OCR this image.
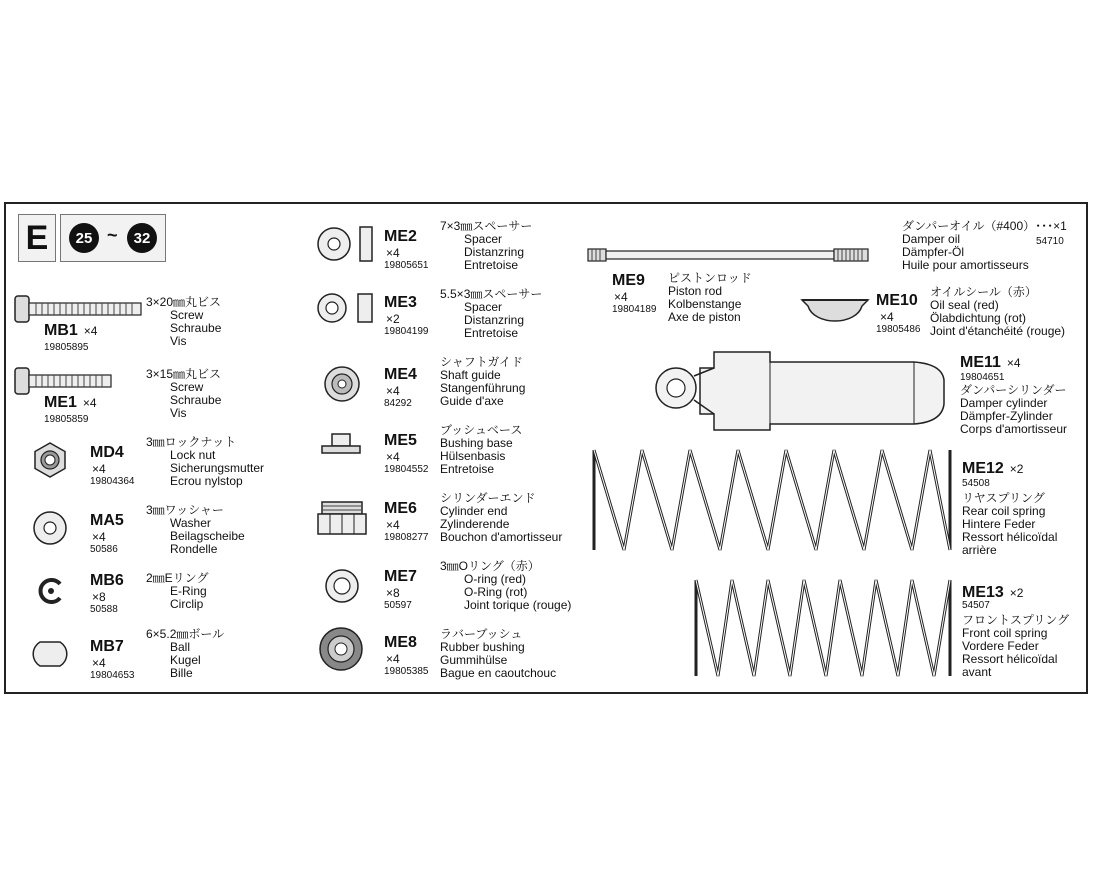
E	25 ~	32
MB1 ×4
19805895
3×20㎜丸ビス
Screw
Schraube
Vis
ME1 ×4
19805859
3×15㎜丸ビス
Screw
Schraube
Vis
MD4
×4
19804364
3㎜ロックナット
Lock nut
Sicherungsmutter
Ecrou nylstop
MA5
×4
50586
3㎜ワッシャー
Washer
Beilagscheibe
Rondelle
MB6
×8
50588
2㎜Eリング
E-Ring
Circlip
MB7
×4
19804653
6×5.2㎜ボール
Ball
Kugel
Bille
ME2
×4
19805651
7×3㎜スペーサー
Spacer
Distanzring
Entretoise
ME3
×2
19804199
5.5×3㎜スペーサー
Spacer
Distanzring
Entretoise
ME4
×4
84292
シャフトガイド
Shaft guide
Stangenführung
Guide d'axe
ME5
×4
19804552
ブッシュベース
Bushing base
Hülsenbasis
Entretoise
ME6
×4
19808277
シリンダーエンド
Cylinder end
Zylinderende
Bouchon d'amortisseur
ME7
×8
50597
3㎜Oリング（赤）
O-ring (red)
O-Ring (rot)
Joint torique (rouge)
ME8
×4
19805385
ラバーブッシュ
Rubber bushing
Gummihülse
Bague en caoutchouc
ME9
×4
19804189
ピストンロッド
Piston rod
Kolbenstange
Axe de piston
ダンパーオイル（#400）･･･×1
Damper oil
Dämpfer-Öl
Huile pour amortisseurs
54710
ME10
×4
19805486
オイルシール（赤）
Oil seal (red)
Ölabdichtung (rot)
Joint d'étanchéité (rouge)
ME11 ×4
19804651
ダンパーシリンダー
Damper cylinder
Dämpfer-Zylinder
Corps d'amortisseur
ME12 ×2
54508
リヤスプリング
Rear coil spring
Hintere Feder
Ressort hélicoïdal
arrière
ME13 ×2
54507
フロントスプリング
Front coil spring
Vordere Feder
Ressort hélicoïdal
avant
